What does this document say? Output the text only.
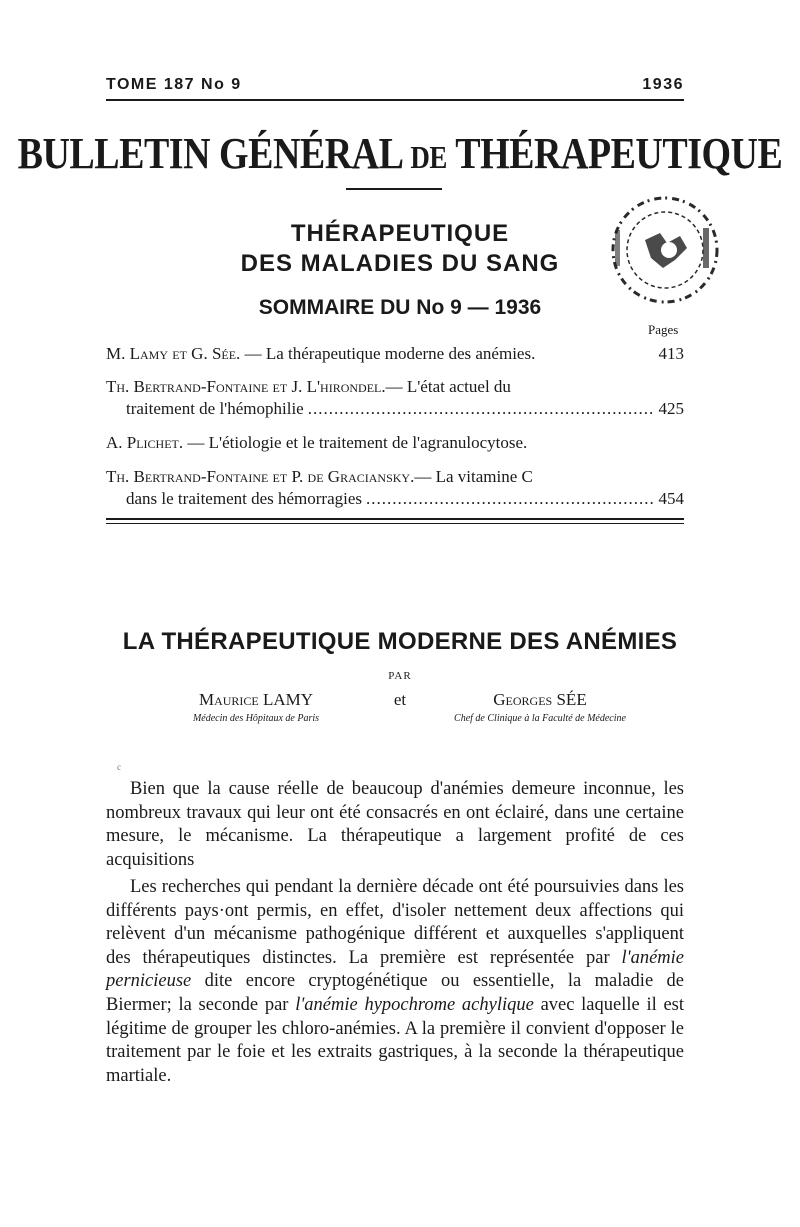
TOME 187 No 9	1936
BULLETIN GÉNÉRAL DE THÉRAPEUTIQUE
THÉRAPEUTIQUE
DES MALADIES DU SANG
SOMMAIRE DU No 9 — 1936
Pages
M. Lamy et G. Sée. — La thérapeutique moderne des anémies.	413
Th. Bertrand-Fontaine et J. L'hirondel. — L'état actuel du
traitement de l'hémophilie .....	425
A. Plichet. — L'étiologie et le traitement de l'agranulocytose.
Th. Bertrand-Fontaine et P. de Graciansky. — La vitamine C
dans le traitement des hémorragies .....	454
LA THÉRAPEUTIQUE MODERNE DES ANÉMIES
PAR
Maurice LAMY
Médecin des Hôpitaux de Paris
et	Georges SÉE
Chef de Clinique à la Faculté de Médecine
c

Bien que la cause réelle de beaucoup d'anémies demeure inconnue, les nombreux travaux qui leur ont été consacrés en ont éclairé, dans une certaine mesure, le mécanisme. La thérapeutique a largement profité de ces acquisitions

Les recherches qui pendant la dernière décade ont été poursuivies dans les différents pays·ont permis, en effet, d'isoler nettement deux affections qui relèvent d'un mécanisme pathogénique différent et auxquelles s'appliquent des thérapeutiques distinctes. La première est représentée par l'anémie pernicieuse dite encore cryptogénétique ou essentielle, la maladie de Biermer; la seconde par l'anémie hypochrome achylique avec laquelle il est légitime de grouper les chloro-anémies. A la première il convient d'opposer le traitement par le foie et les extraits gastriques, à la seconde la thérapeutique martiale.
